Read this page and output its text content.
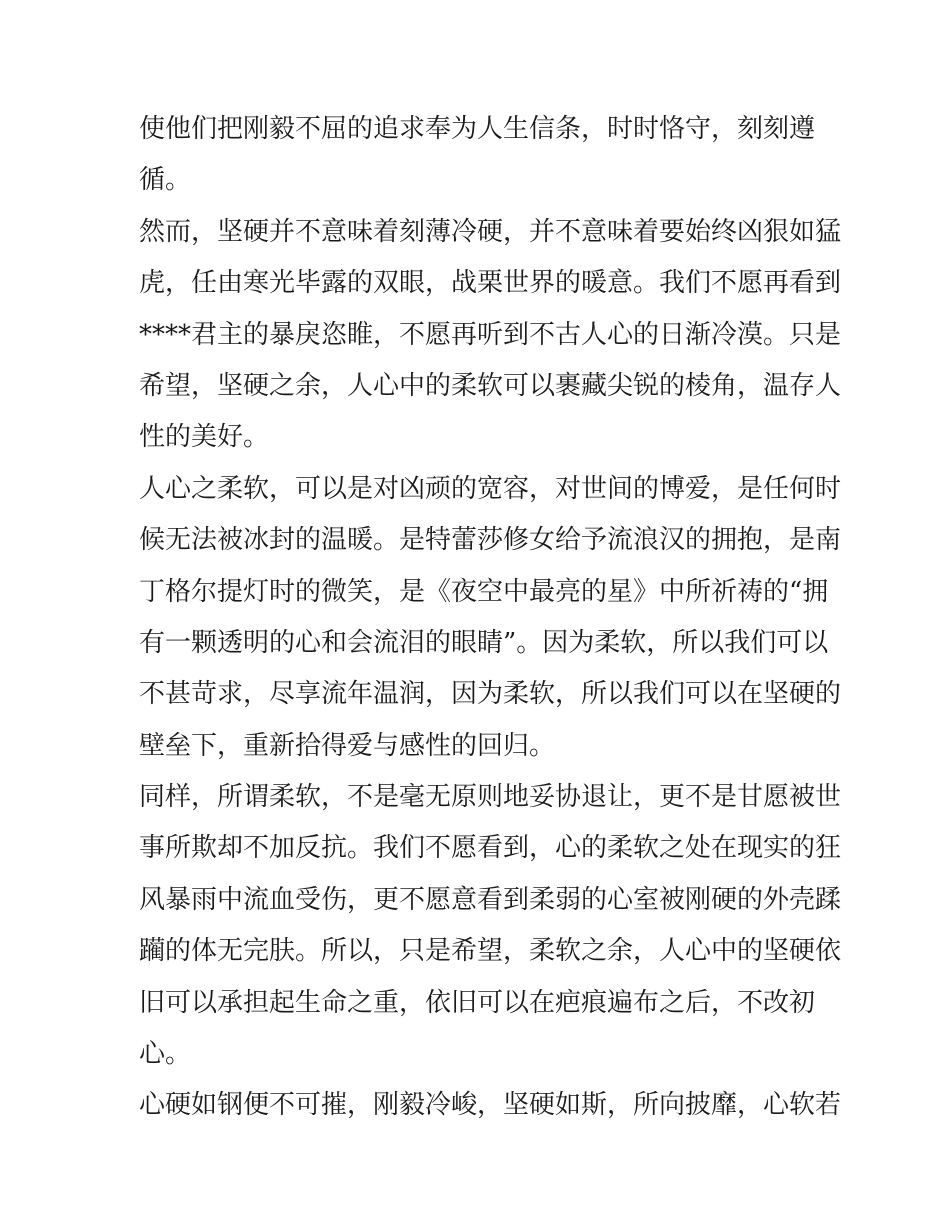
使他们把刚毅不屈的追求奉为人生信条，时时恪守，刻刻遵
循。
然而，坚硬并不意味着刻薄冷硬，并不意味着要始终凶狠如猛
虎，任由寒光毕露的双眼，战栗世界的暖意。我们不愿再看到
****君主的暴戾恣睢，不愿再听到不古人心的日渐冷漠。只是
希望，坚硬之余，人心中的柔软可以裹藏尖锐的棱角，温存人
性的美好。
人心之柔软，可以是对凶顽的宽容，对世间的博爱，是任何时
候无法被冰封的温暖。是特蕾莎修女给予流浪汉的拥抱，是南
丁格尔提灯时的微笑，是《夜空中最亮的星》中所祈祷的“拥
有一颗透明的心和会流泪的眼睛”。因为柔软，所以我们可以
不甚苛求，尽享流年温润，因为柔软，所以我们可以在坚硬的
壁垒下，重新拾得爱与感性的回归。
同样，所谓柔软，不是毫无原则地妥协退让，更不是甘愿被世
事所欺却不加反抗。我们不愿看到，心的柔软之处在现实的狂
风暴雨中流血受伤，更不愿意看到柔弱的心室被刚硬的外壳蹂
躏的体无完肤。所以，只是希望，柔软之余，人心中的坚硬依
旧可以承担起生命之重，依旧可以在疤痕遍布之后，不改初
心。
心硬如钢便不可摧，刚毅冷峻，坚硬如斯，所向披靡，心软若
